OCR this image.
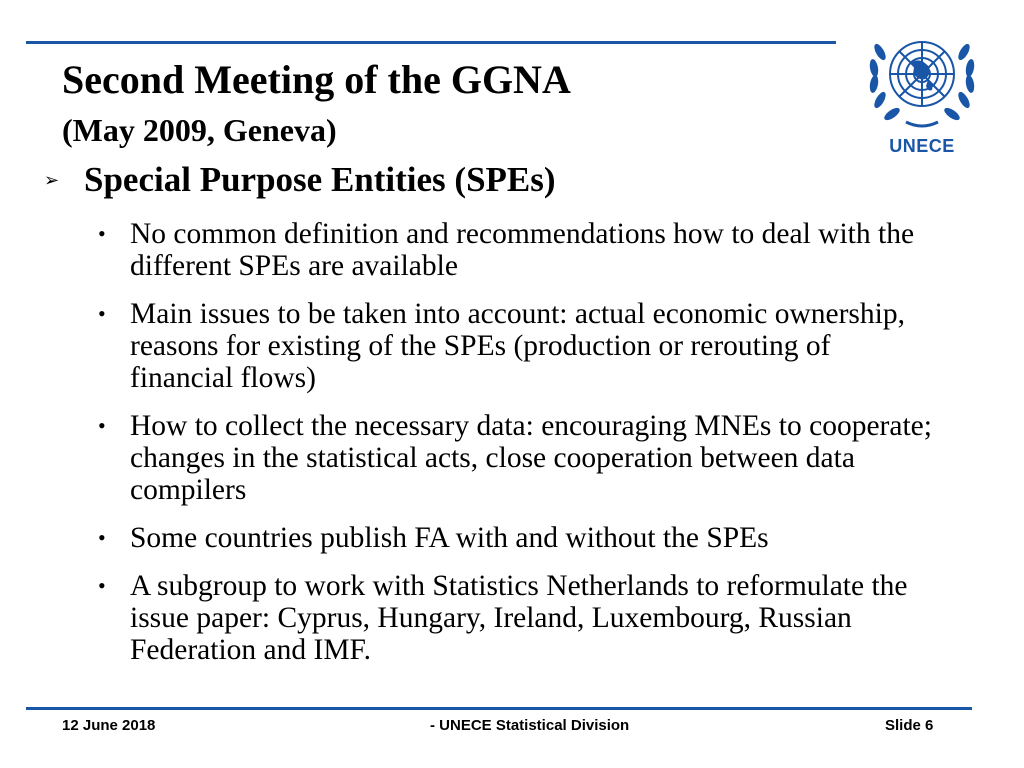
Second Meeting of the GGNA
(May 2009, Geneva)	UNECE
➢ Special Purpose Entities (SPEs)
• No common definition and recommendations how to deal with the different SPEs are available
• Main issues to be taken into account: actual economic ownership, reasons for existing of the SPEs (production or rerouting of financial flows)
• How to collect the necessary data: encouraging MNEs to cooperate; changes in the statistical acts, close cooperation between data compilers
• Some countries publish FA with and without the SPEs
• A subgroup to work with Statistics Netherlands to reformulate the issue paper: Cyprus, Hungary, Ireland, Luxembourg, Russian Federation and IMF.
12 June 2018	- UNECE Statistical Division	Slide 6
